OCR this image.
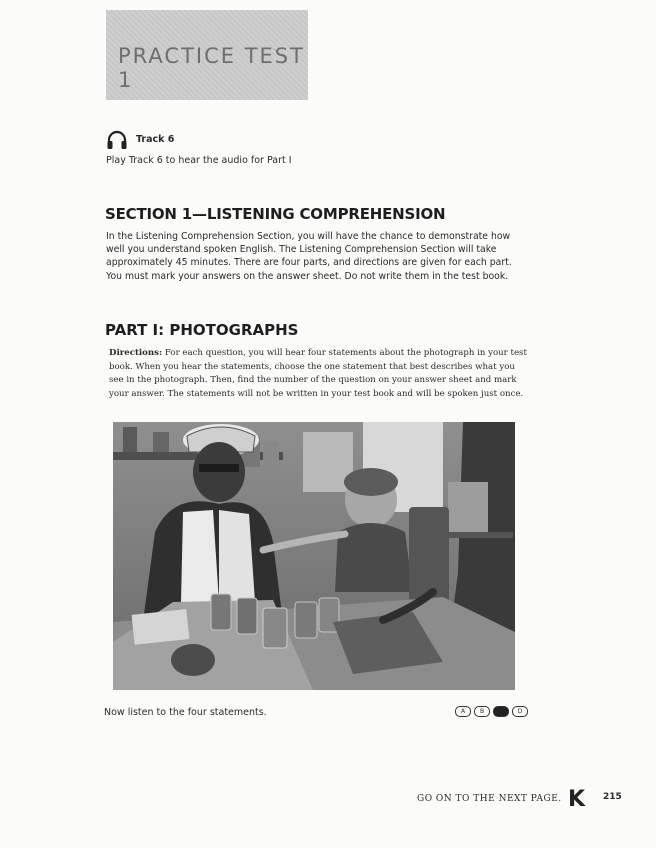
PRACTICE TEST 1
Track 6
Play Track 6 to hear the audio for Part I
SECTION 1—LISTENING COMPREHENSION
In the Listening Comprehension Section, you will have the chance to demonstrate how well you understand spoken English. The Listening Comprehension Section will take approximately 45 minutes. There are four parts, and directions are given for each part. You must mark your answers on the answer sheet. Do not write them in the test book.
PART I: PHOTOGRAPHS
Directions: For each question, you will hear four statements about the photograph in your test book. When you hear the statements, choose the one statement that best describes what you see in the photograph. Then, find the number of the question on your answer sheet and mark your answer. The statements will not be written in your test book and will be spoken just once.
Now listen to the four statements.	A	B	C	D
GO ON TO THE NEXT PAGE. K 215
